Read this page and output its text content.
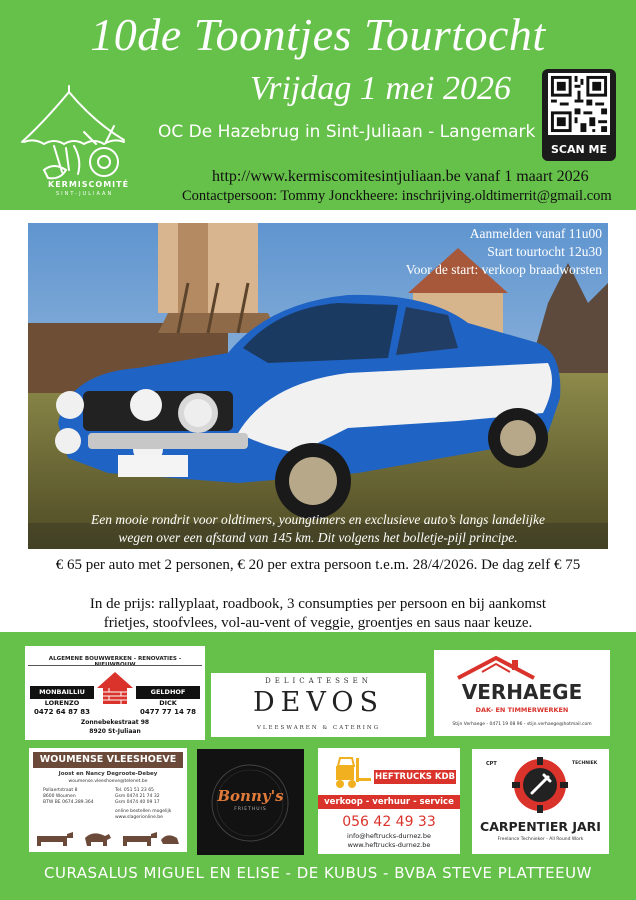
10de Toontjes Tourtocht
Vrijdag 1 mei 2026
OC De Hazebrug in Sint-Juliaan - Langemark
KERMISCOMITÉ
SINT-JULIAAN
SCAN ME
http://www.kermiscomitesintjuliaan.be vanaf 1 maart 2026
Contactpersoon: Tommy Jonckheere: inschrijving.oldtimerrit@gmail.com
Aanmelden vanaf 11u00
Start tourtocht 12u30
Voor de start: verkoop braadworsten
Een mooie rondrit voor oldtimers, youngtimers en exclusieve auto’s langs landelijke
wegen over een afstand van 145 km. Dit volgens het bolletje-pijl principe.
€ 65 per auto met 2 personen, € 20 per extra persoon t.e.m. 28/4/2026. De dag zelf € 75
In de prijs: rallyplaat, roadbook, 3 consumpties per persoon en bij aankomst
frietjes, stoofvlees, vol-au-vent of veggie, groentjes en saus naar keuze.
ALGEMENE BOUWWERKEN - RENOVATIES -
MONBAILLIU
LORENZO
0472 64 87 83
GELDHOF
DICK
0477 77 14 78
Zonnebekestraat 98
8920 St-Juliaan
DELICATESSEN
DEVOS
VLEESWAREN & CATERING
VERHAEGE
DAK- EN TIMMERWERKEN
Stijn Verhaege - 0471 19 08 96 - stijn.verhaege@hotmail.com
WOUMENSE VLEESHOEVE
Joost en Nancy Degroote-Debey
woumense.vleeshoeve@telenet.be
Pollaertstraat 8
8600 Woumen
BTW BE 0674.289.364
Tel. 051 51 23 65
Gsm 0474 21 74 32
Gsm 0474 40 09 17
online bestellen mogelijk
www.slagerionline.be
Bonny's
FRIETHUIS
HEFTRUCKS KDB
verkoop - verhuur - service
056 42 49 33
info@heftrucks-durnez.be
www.heftrucks-durnez.be
CPT	TECHNIEK
CARPENTIER JARI
Freelance Technieker - All Round Work
CURASALUS MIGUEL EN ELISE - DE KUBUS - BVBA STEVE PLATTEEUW
